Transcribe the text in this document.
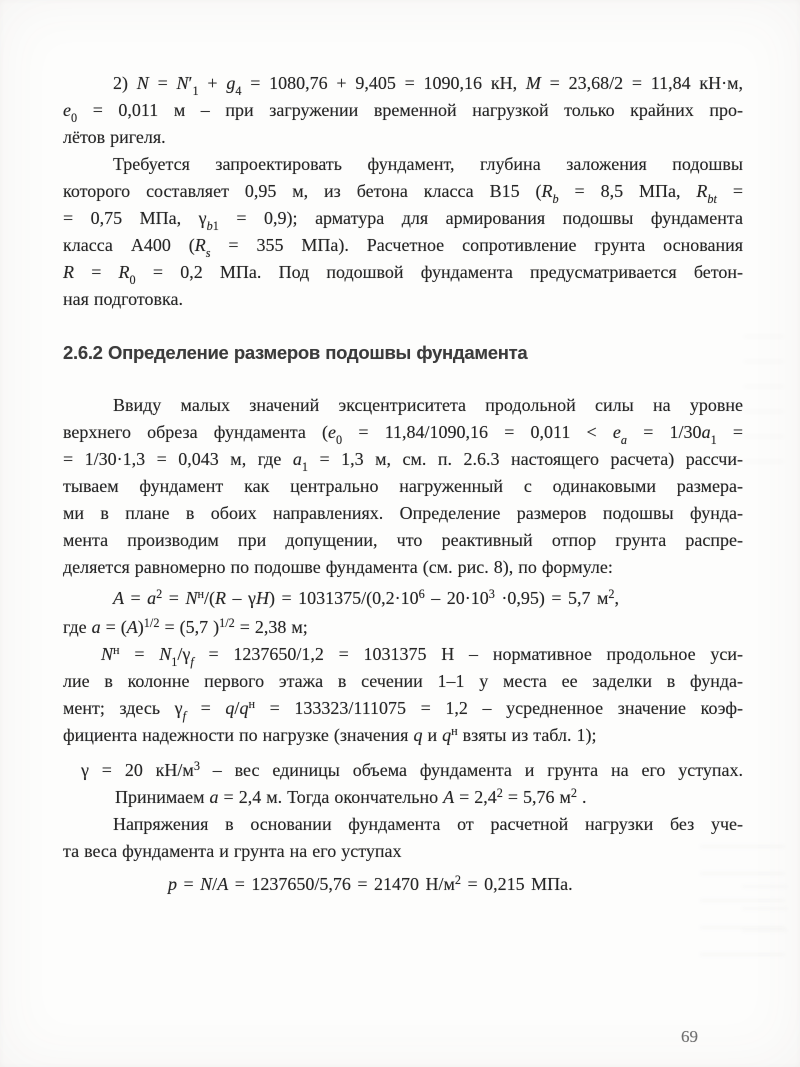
2) $N = N'_1 + g_4 = 1080,76 + 9,405 = 1090,16$ кН, M = 23,68/2 = 11,84 кН·м,
$e_0 = 0,011$ м – при загружении временной нагрузкой только крайних про-
лётов ригеля.
Требуется запроектировать фундамент, глубина заложения подошвы
которого составляет 0,95 м, из бетона класса В15 ($R_b = 8,5$ МПа, $R_{bt}$ =
= 0,75 МПа, $\gamma_{b1} = 0,9$); арматура для армирования подошвы фундамента
класса А400 ($R_s = 355$ МПа). Расчетное сопротивление грунта основания
$R = R_0 = 0,2$ МПа. Под подошвой фундамента предусматривается бетон-
ная подготовка.
2.6.2 Определение размеров подошвы фундамента
Ввиду малых значений эксцентриситета продольной силы на уровне
верхнего обреза фундамента ($e_0 = 11,84/1090,16 = 0,011 < e_a = 1/30a_1$ =
= 1/30·1,3 = 0,043 м, где $a_1 = 1,3$ м, см. п. 2.6.3 настоящего расчета) рассчи-
тываем фундамент как центрально нагруженный с одинаковыми размера-
ми в плане в обоих направлениях. Определение размеров подошвы фунда-
мента производим при допущении, что реактивный отпор грунта распре-
деляется равномерно по подошве фундамента (см. рис. 8), по формуле:
$A = a^2 = N^н/(R - \gamma H) = 1031375/(0,2\cdot 10^6 - 20\cdot 10^3 \cdot 0,95) = 5,7$ $м^2$,
где $a = (A)^{1/2} = (5,7$ )$^{1/2}$ = 2,38 м;
$N^н = N_1/\gamma_f = 1237650/1,2 = 1031375$ Н – нормативное продольное уси-
лие в колонне первого этажа в сечении 1–1 у места ее заделки в фунда-
мент; здесь $\gamma_f = q/q^н = 133323/111075 = 1,2$ – усредненное значение коэф-
фициента надежности по нагрузке (значения q и $q^н$ взяты из табл. 1);
γ = 20 $кН/м^3$ – вес единицы объема фундамента и грунта на его уступах.
Принимаем a = 2,4 м. Тогда окончательно $A = 2,4^2 = 5,76$ $м^2$ .
Напряжения в основании фундамента от расчетной нагрузки без уче-
та веса фундамента и грунта на его уступах
p = N/A = 1237650/5,76 = 21470 $Н/м^2 = 0,215$ МПа.
69
